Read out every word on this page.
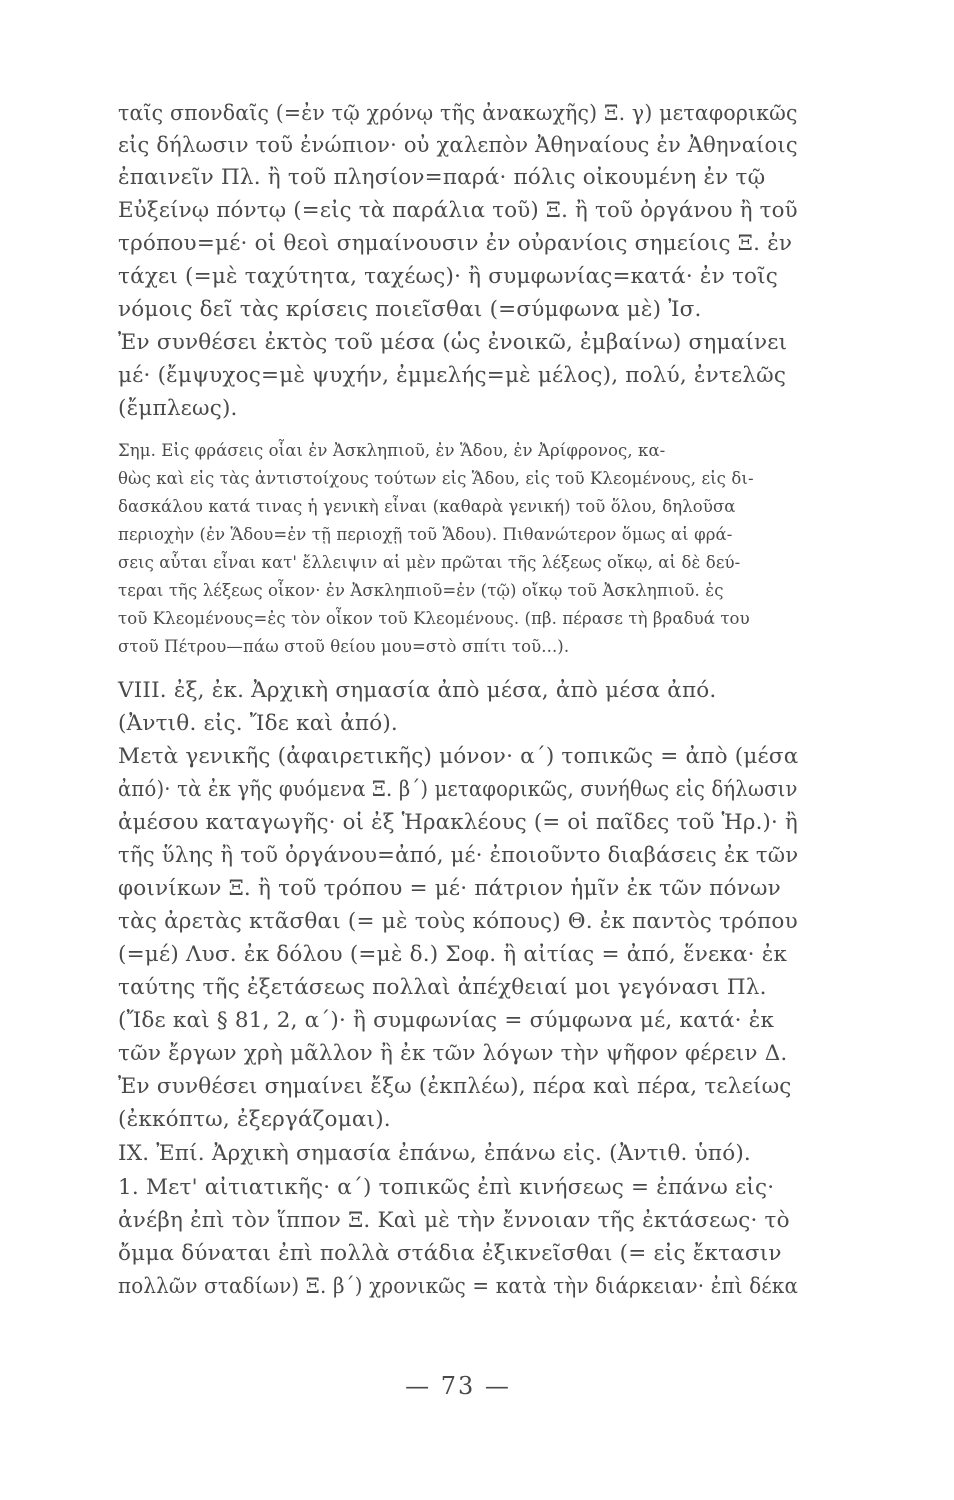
ταῖς σπονδαῖς (=ἐν τῷ χρόνῳ τῆς ἀνακωχῆς) Ξ. γ) μεταφορικῶς
εἰς δήλωσιν τοῦ ἐνώπιον· οὐ χαλεπὸν Ἀθηναίους ἐν Ἀθηναίοις
ἐπαινεῖν Πλ. ἢ τοῦ πλησίον=παρά· πόλις οἰκουμένη ἐν τῷ
Εὐξείνῳ πόντῳ (=εἰς τὰ παράλια τοῦ) Ξ. ἢ τοῦ ὀργάνου ἢ τοῦ
τρόπου=μέ· οἱ θεοὶ σημαίνουσιν ἐν οὐρανίοις σημείοις Ξ. ἐν
τάχει (=μὲ ταχύτητα, ταχέως)· ἢ συμφωνίας=κατά· ἐν τοῖς
νόμοις δεῖ τὰς κρίσεις ποιεῖσθαι (=σύμφωνα μὲ) Ἰσ.
Ἐν συνθέσει ἐκτὸς τοῦ μέσα (ὡς ἐνοικῶ, ἐμβαίνω) σημαίνει
μέ· (ἔμψυχος=μὲ ψυχήν, ἐμμελής=μὲ μέλος), πολύ, ἐντελῶς
(ἔμπλεως).
Σημ. Εἰς φράσεις οἷαι ἐν Ἀσκληπιοῦ, ἐν Ἅδου, ἐν Ἀρίφρονος, κα-
θὼς καὶ εἰς τὰς ἀντιστοίχους τούτων εἰς Ἅδου, εἰς τοῦ Κλεομένους, εἰς δι-
δασκάλου κατά τινας ἡ γενικὴ εἶναι (καθαρὰ γενική) τοῦ ὅλου, δηλοῦσα
περιοχὴν (ἐν Ἅδου=ἐν τῇ περιοχῇ τοῦ Ἅδου). Πιθανώτερον ὅμως αἱ φρά-
σεις αὗται εἶναι κατ' ἔλλειψιν αἱ μὲν πρῶται τῆς λέξεως οἴκῳ, αἱ δὲ δεύ-
τεραι τῆς λέξεως οἶκον· ἐν Ἀσκληπιοῦ=ἐν (τῷ) οἴκῳ τοῦ Ἀσκληπιοῦ. ἐς
τοῦ Κλεομένους=ἐς τὸν οἶκον τοῦ Κλεομένους. (πβ. πέρασε τὴ βραδυά του
στοῦ Πέτρου—πάω στοῦ θείου μου=στὸ σπίτι τοῦ...).
VIII. ἐξ, ἐκ. Ἀρχικὴ σημασία ἀπὸ μέσα, ἀπὸ μέσα ἀπό.
(Ἀντιθ. εἰς. Ἴδε καὶ ἀπό).
Μετὰ γενικῆς (ἀφαιρετικῆς) μόνον· α΄) τοπικῶς = ἀπὸ (μέσα
ἀπό)· τὰ ἐκ γῆς φυόμενα Ξ. β΄) μεταφορικῶς, συνήθως εἰς δήλωσιν
ἀμέσου καταγωγῆς· οἱ ἐξ Ἡρακλέους (= οἱ παῖδες τοῦ Ἡρ.)· ἢ
τῆς ὕλης ἢ τοῦ ὀργάνου=ἀπό, μέ· ἐποιοῦντο διαβάσεις ἐκ τῶν
φοινίκων Ξ. ἢ τοῦ τρόπου = μέ· πάτριον ἡμῖν ἐκ τῶν πόνων
τὰς ἀρετὰς κτᾶσθαι (= μὲ τοὺς κόπους) Θ. ἐκ παντὸς τρόπου
(=μέ) Λυσ. ἐκ δόλου (=μὲ δ.) Σοφ. ἢ αἰτίας = ἀπό, ἕνεκα· ἐκ
ταύτης τῆς ἐξετάσεως πολλαὶ ἀπέχθειαί μοι γεγόνασι Πλ.
(Ἴδε καὶ § 81, 2, α΄)· ἢ συμφωνίας = σύμφωνα μέ, κατά· ἐκ
τῶν ἔργων χρὴ μᾶλλον ἢ ἐκ τῶν λόγων τὴν ψῆφον φέρειν Δ.
Ἐν συνθέσει σημαίνει ἔξω (ἐκπλέω), πέρα καὶ πέρα, τελείως
(ἐκκόπτω, ἐξεργάζομαι).
IX. Ἐπί. Ἀρχικὴ σημασία ἐπάνω, ἐπάνω εἰς. (Ἀντιθ. ὑπό).
1. Μετ' αἰτιατικῆς· α΄) τοπικῶς ἐπὶ κινήσεως = ἐπάνω εἰς·
ἀνέβη ἐπὶ τὸν ἵππον Ξ. Καὶ μὲ τὴν ἔννοιαν τῆς ἐκτάσεως· τὸ
ὄμμα δύναται ἐπὶ πολλὰ στάδια ἐξικνεῖσθαι (= εἰς ἔκτασιν
πολλῶν σταδίων) Ξ. β΄) χρονικῶς = κατὰ τὴν διάρκειαν· ἐπὶ δέκα
— 73 —
